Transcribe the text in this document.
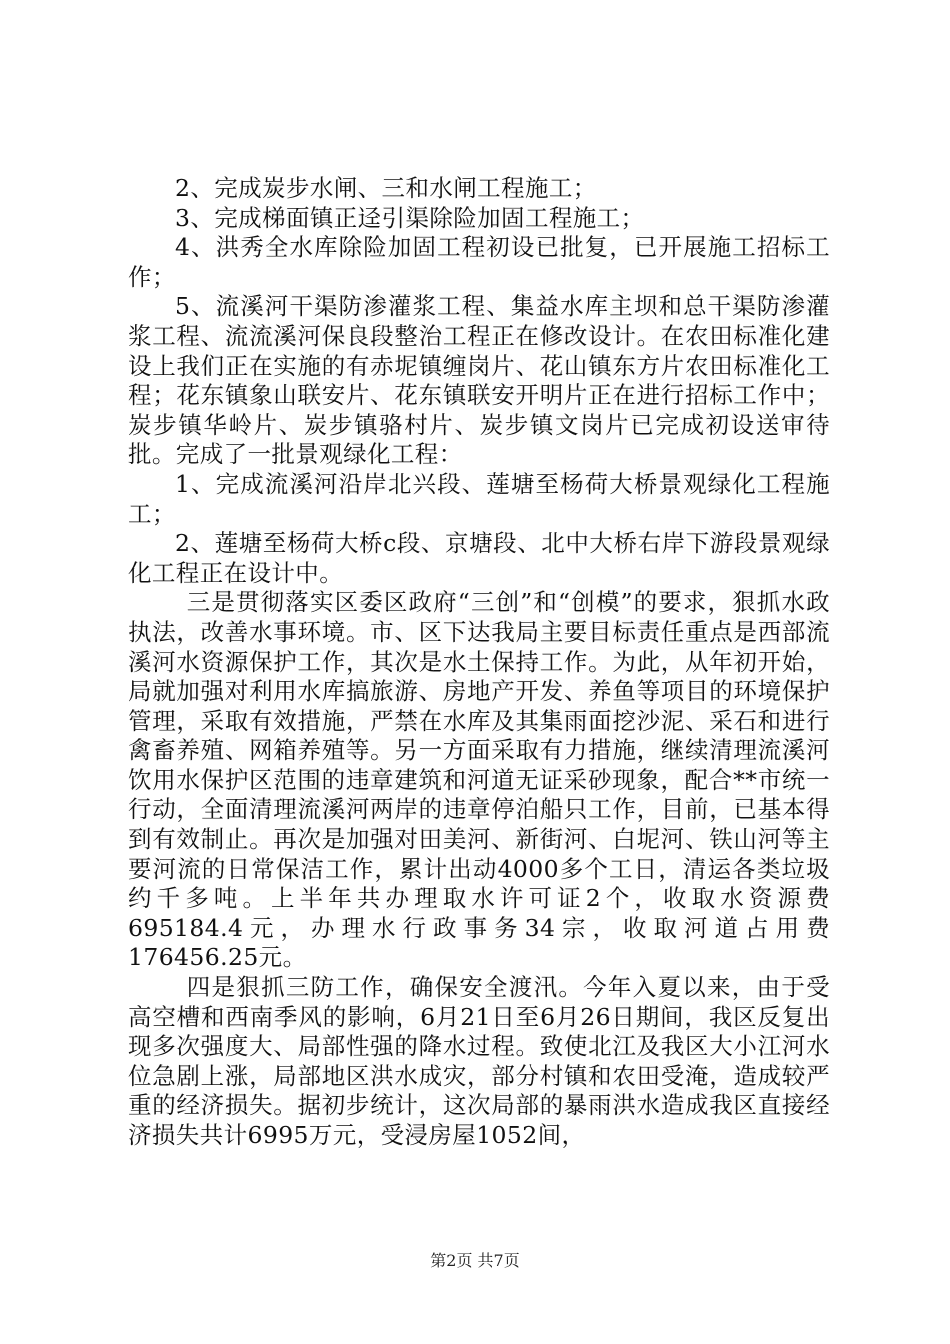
2、完成炭步水闸、三和水闸工程施工；

3、完成梯面镇正迳引渠除险加固工程施工；

4、洪秀全水库除险加固工程初设已批复，已开展施工招标工作；

5、流溪河干渠防渗灌浆工程、集益水库主坝和总干渠防渗灌浆工程、流流溪河保良段整治工程正在修改设计。在农田标准化建设上我们正在实施的有赤坭镇缠岗片、花山镇东方片农田标准化工程；花东镇象山联安片、花东镇联安开明片正在进行招标工作中；炭步镇华岭片、炭步镇骆村片、炭步镇文岗片已完成初设送审待批。完成了一批景观绿化工程：

1、完成流溪河沿岸北兴段、莲塘至杨荷大桥景观绿化工程施工；

2、莲塘至杨荷大桥c段、京塘段、北中大桥右岸下游段景观绿化工程正在设计中。

三是贯彻落实区委区政府“三创”和“创模”的要求，狠抓水政执法，改善水事环境。市、区下达我局主要目标责任重点是西部流溪河水资源保护工作，其次是水土保持工作。为此，从年初开始，局就加强对利用水库搞旅游、房地产开发、养鱼等项目的环境保护管理，采取有效措施，严禁在水库及其集雨面挖沙泥、采石和进行禽畜养殖、网箱养殖等。另一方面采取有力措施，继续清理流溪河饮用水保护区范围的违章建筑和河道无证采砂现象，配合**市统一行动，全面清理流溪河两岸的违章停泊船只工作，目前，已基本得到有效制止。再次是加强对田美河、新街河、白坭河、铁山河等主要河流的日常保洁工作，累计出动4000多个工日，清运各类垃圾约千多吨。上半年共办理取水许可证2个，收取水资源费695184.4元，办理水行政事务34宗，收取河道占用费176456.25元。

四是狠抓三防工作，确保安全渡汛。今年入夏以来，由于受高空槽和西南季风的影响，6月21日至6月26日期间，我区反复出现多次强度大、局部性强的降水过程。致使北江及我区大小江河水位急剧上涨，局部地区洪水成灾，部分村镇和农田受淹，造成较严重的经济损失。据初步统计，这次局部的暴雨洪水造成我区直接经济损失共计6995万元，受浸房屋1052间，

第2页 共7页
